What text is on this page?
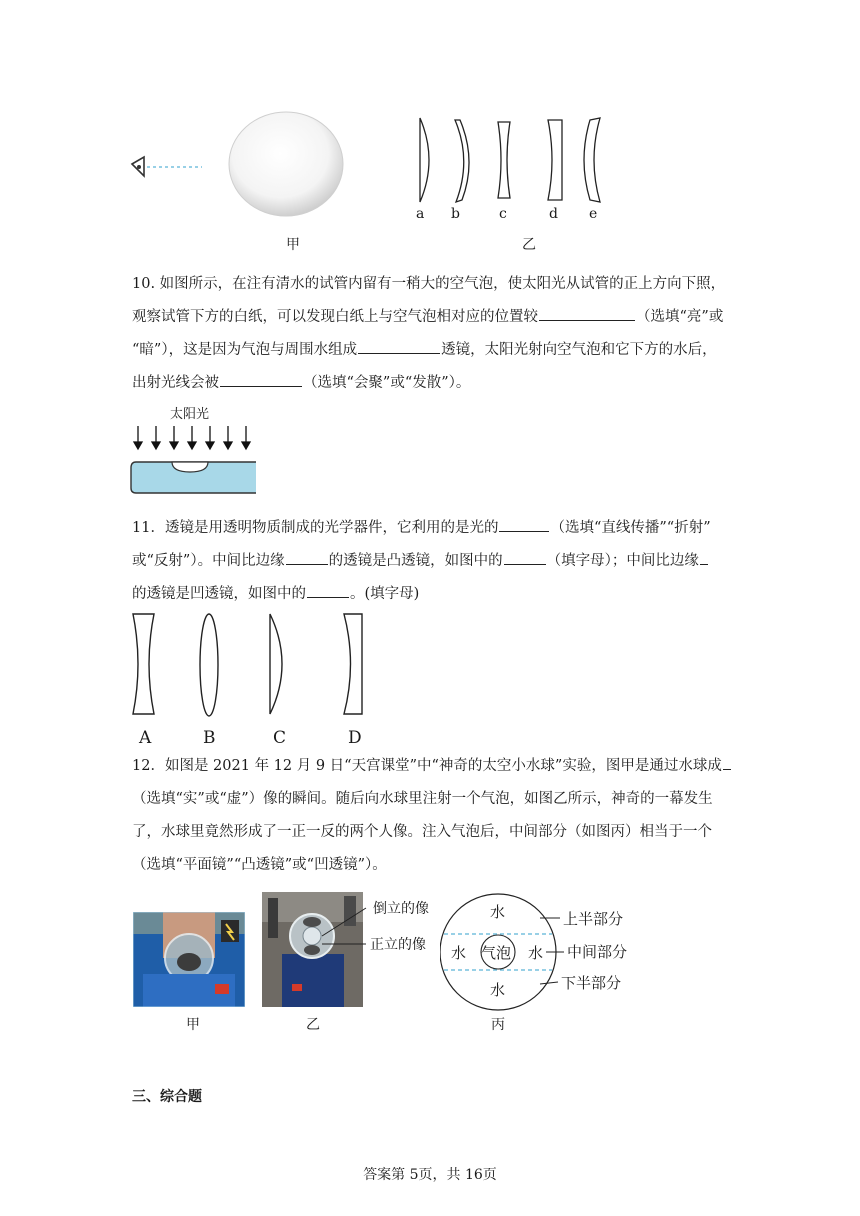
甲
a b	c	d e
乙

10. 如图所示，在注有清水的试管内留有一稍大的空气泡，使太阳光从试管的正上方向下照，

观察试管下方的白纸，可以发现白纸上与空气泡相对应的位置较	（选填“亮”或

“暗”），这是因为气泡与周围水组成	透镜，太阳光射向空气泡和它下方的水后，

出射光线会被	（选填“会聚”或“发散”）。

太阳光

11．透镜是用透明物质制成的光学器件，它利用的是光的	（选填“直线传播”“折射”

或“反射”）。中间比边缘	的透镜是凸透镜，如图中的	（填字母）；中间比边缘

的透镜是凹透镜，如图中的	。(填字母)

A	B	C	D

12．如图是 2021 年 12 月 9 日“天宫课堂”中“神奇的太空小水球”实验，图甲是通过水球成

（选填“实”或“虚”）像的瞬间。随后向水球里注射一个气泡，如图乙所示，神奇的一幕发生

了，水球里竟然形成了一正一反的两个人像。注入气泡后，中间部分（如图丙）相当于一个

（选填“平面镜”“凸透镜”或“凹透镜”）。

倒立的像
正立的像
水
水 气泡 水
水
上半部分
中间部分
下半部分
甲	乙	丙
三、综合题
答案第 5页，共 16页
